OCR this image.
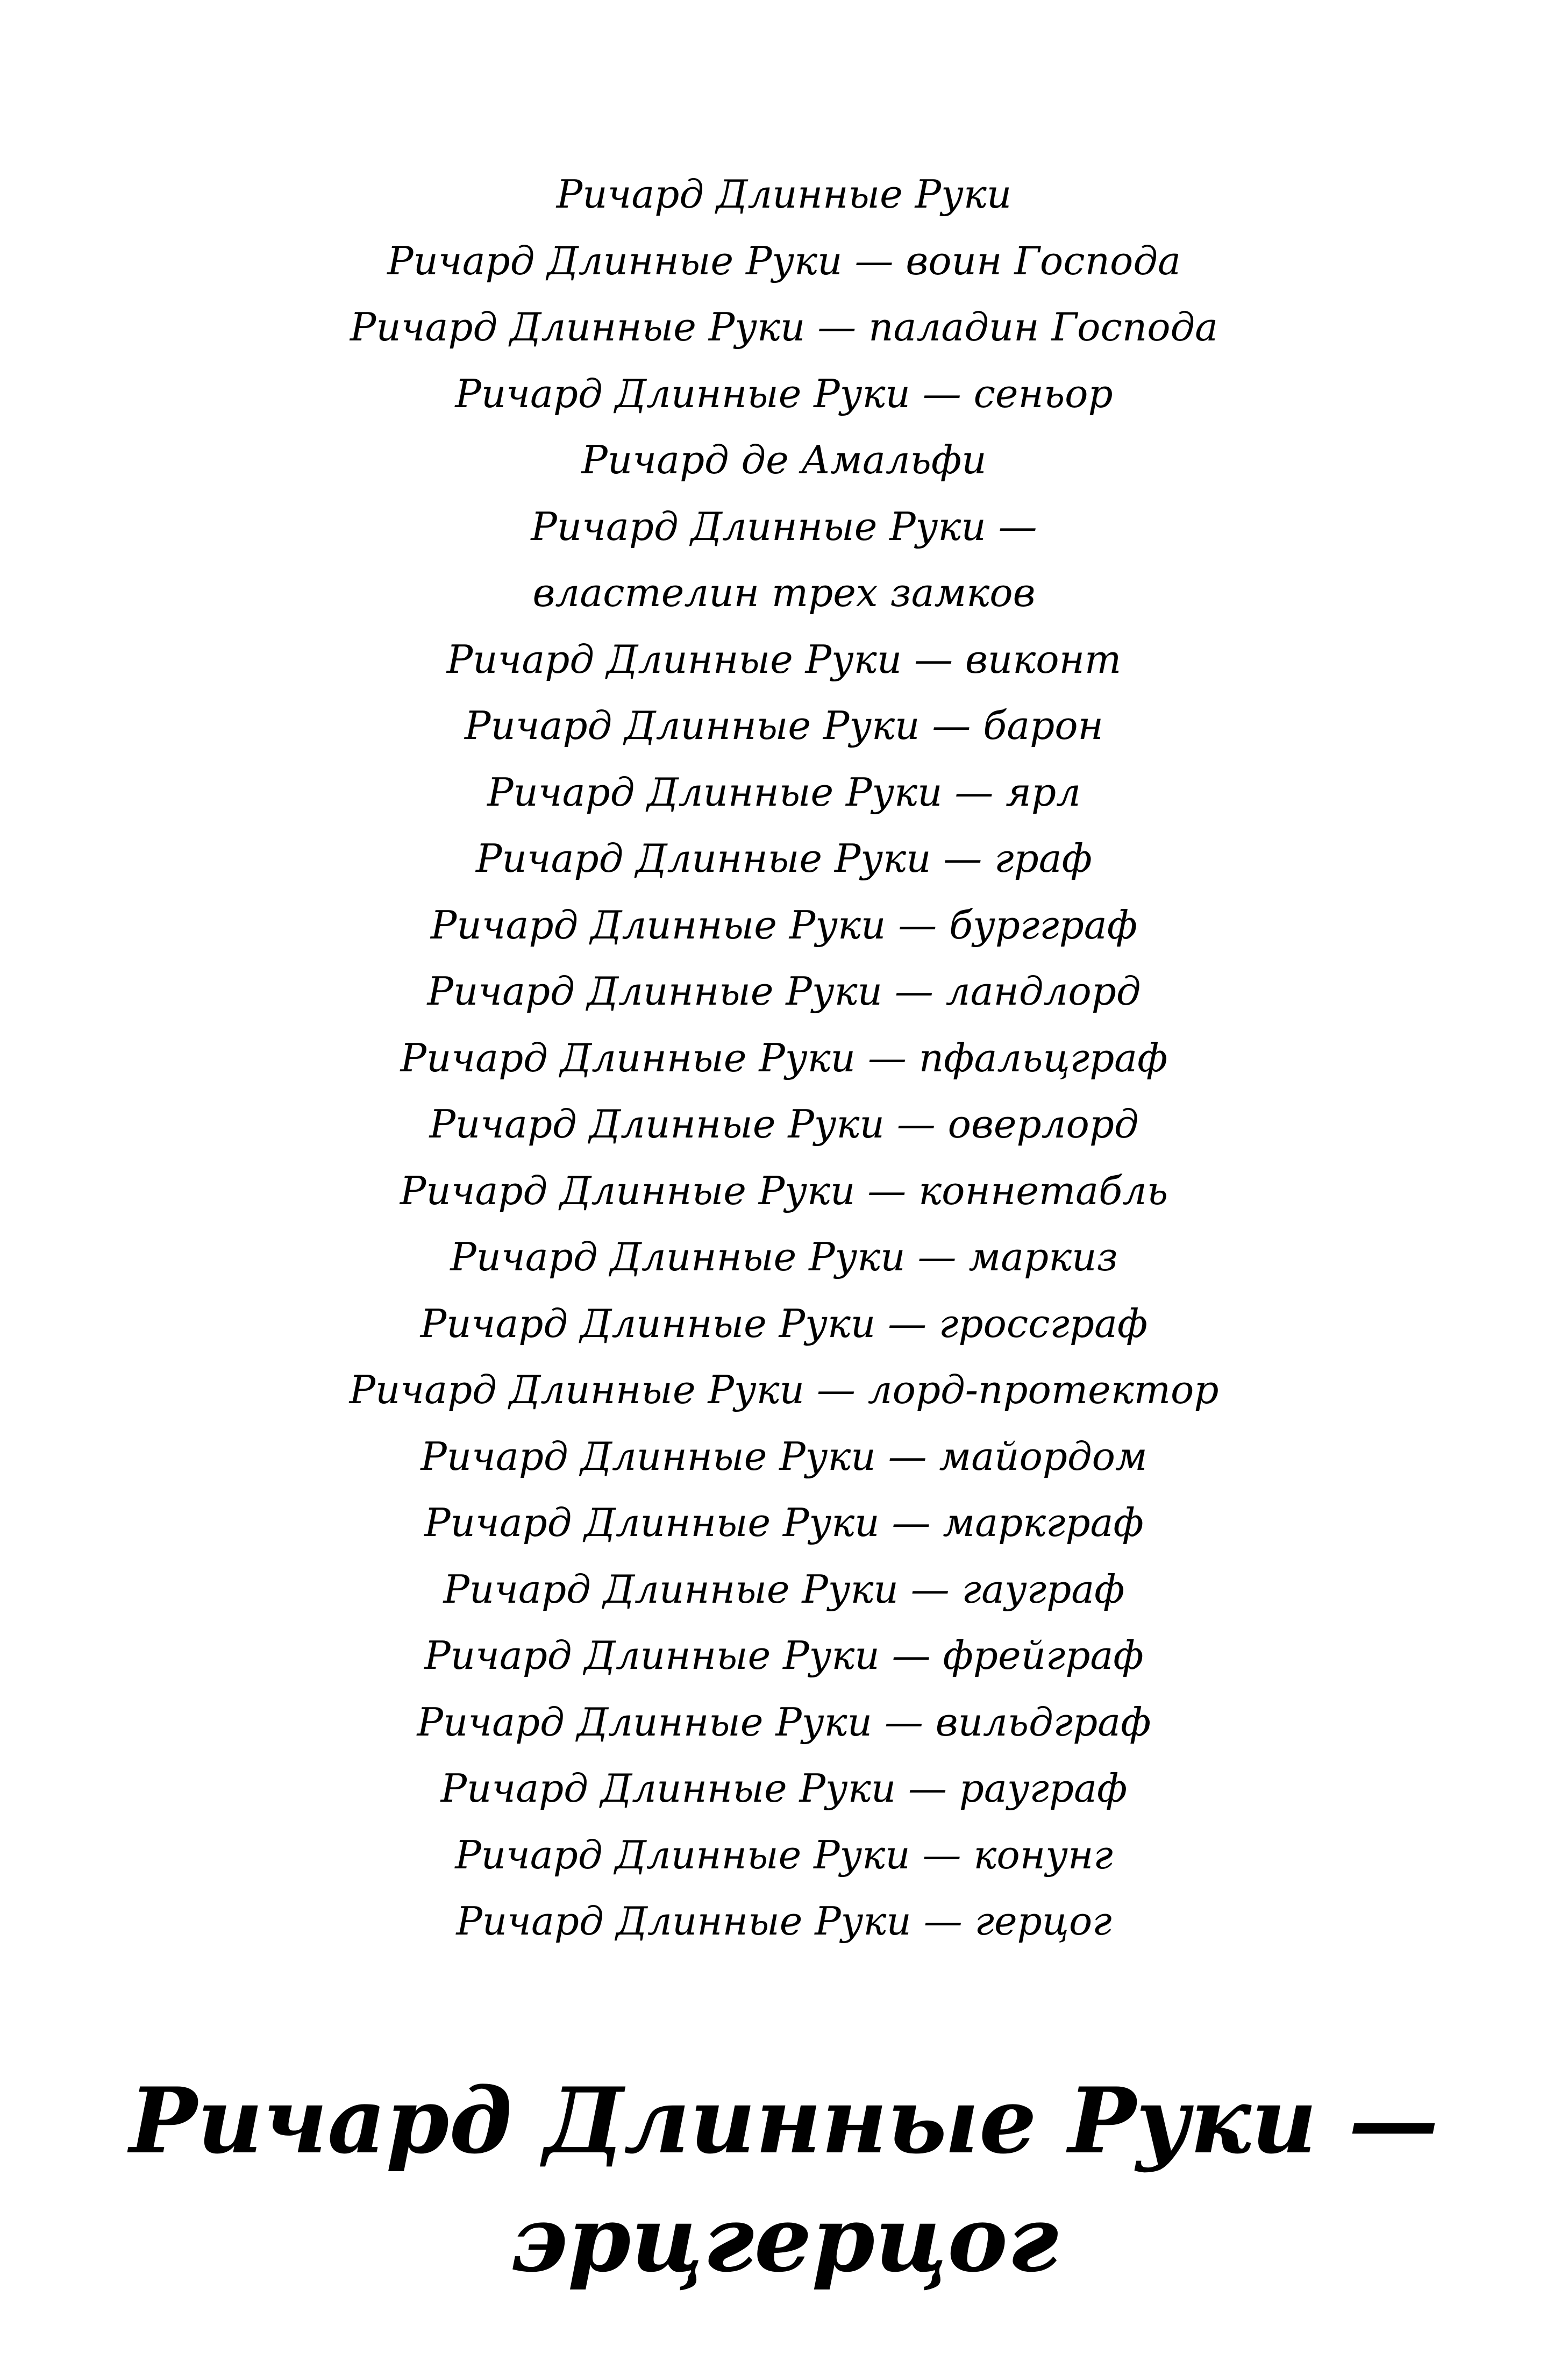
Ричард Длинные Руки
Ричард Длинные Руки — воин Господа
Ричард Длинные Руки — паладин Господа
Ричард Длинные Руки — сеньор
Ричард де Амальфи
Ричард Длинные Руки —
властелин трех замков
Ричард Длинные Руки — виконт
Ричард Длинные Руки — барон
Ричард Длинные Руки — ярл
Ричард Длинные Руки — граф
Ричард Длинные Руки — бургграф
Ричард Длинные Руки — ландлорд
Ричард Длинные Руки — пфальцграф
Ричард Длинные Руки — оверлорд
Ричард Длинные Руки — коннетабль
Ричард Длинные Руки — маркиз
Ричард Длинные Руки — гроссграф
Ричард Длинные Руки — лорд-протектор
Ричард Длинные Руки — майордом
Ричард Длинные Руки — маркграф
Ричард Длинные Руки — гауграф
Ричард Длинные Руки — фрейграф
Ричард Длинные Руки — вильдграф
Ричард Длинные Руки — рауграф
Ричард Длинные Руки — конунг
Ричард Длинные Руки — герцог
Ричард Длинные Руки —
эрцгерцог
